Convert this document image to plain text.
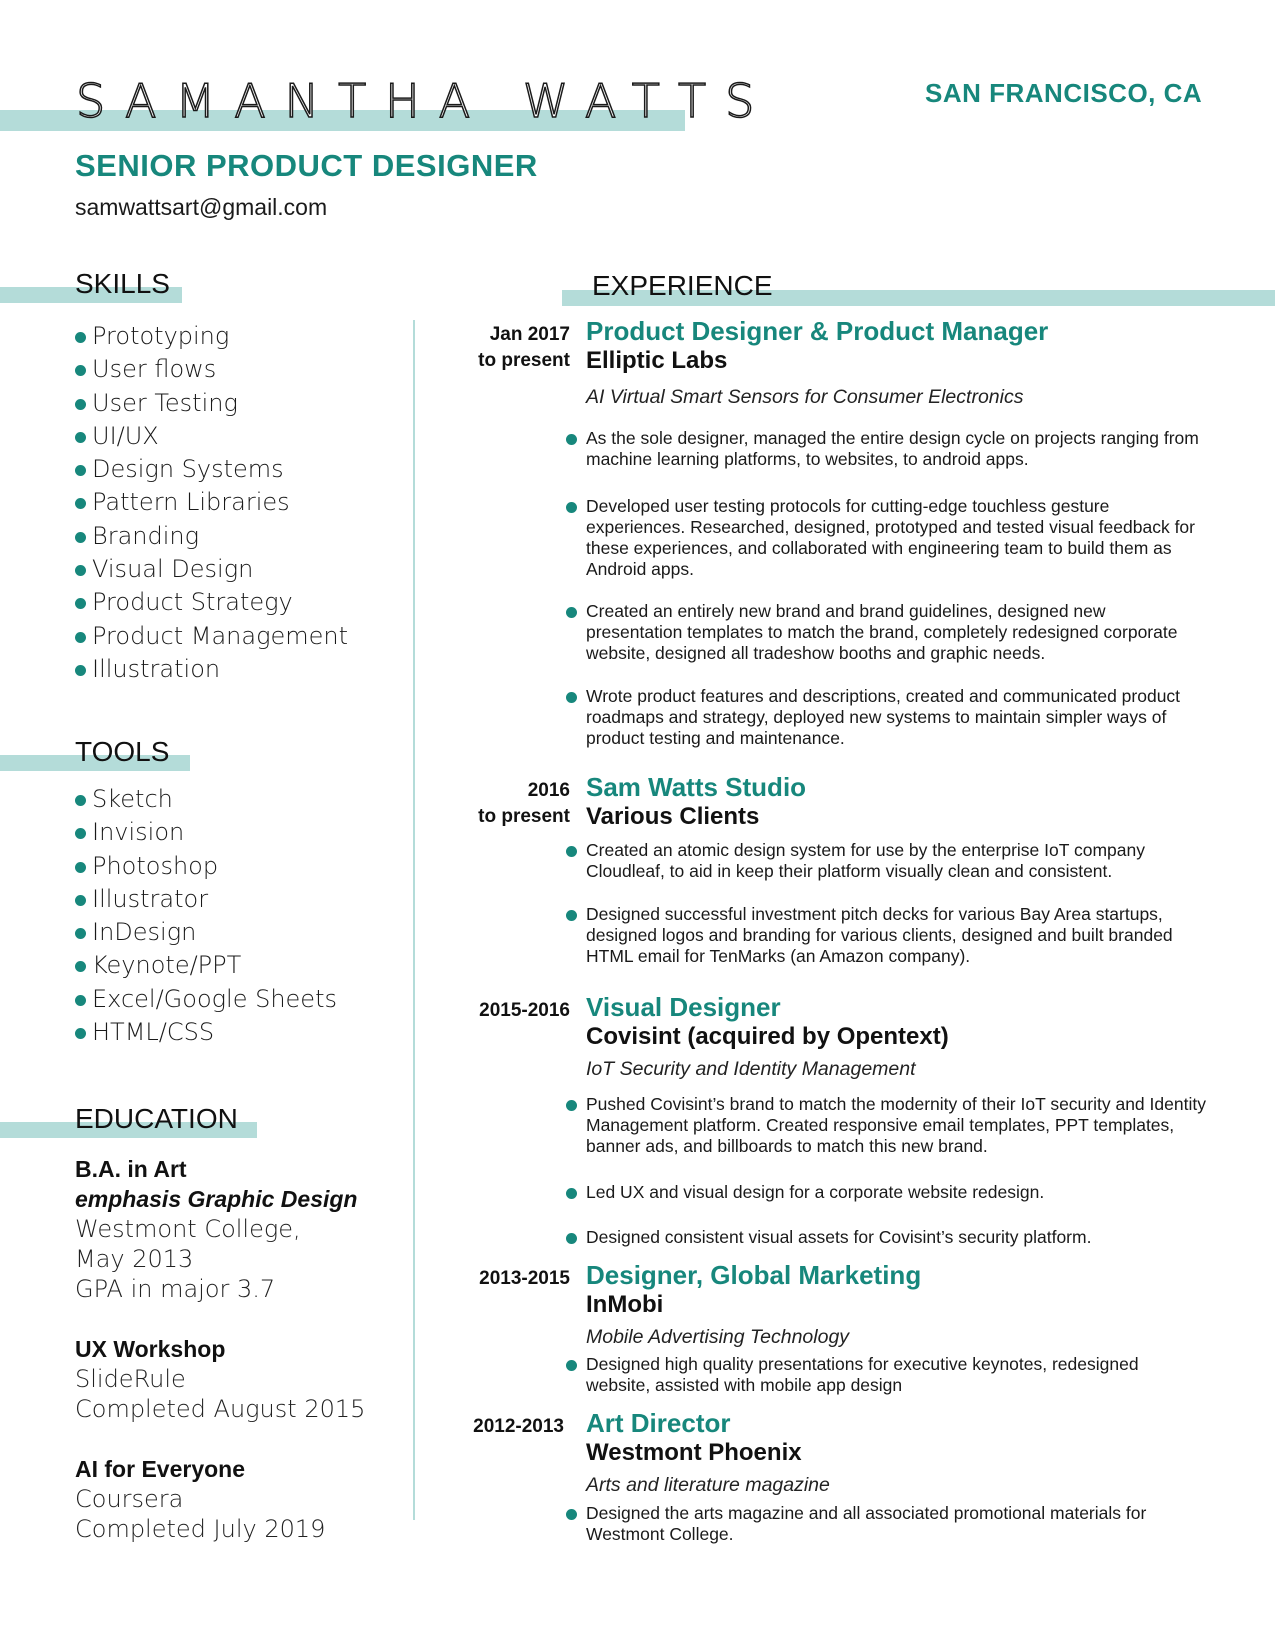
SAMANTHA WATTS	SAN FRANCISCO, CA
SENIOR PRODUCT DESIGNER
samwattsart@gmail.com
SKILLS
Prototyping
User flows
User Testing
UI/UX
Design Systems
Pattern Libraries
Branding
Visual Design
Product Strategy
Product Management
Illustration
TOOLS
Sketch
Invision
Photoshop
Illustrator
InDesign
Keynote/PPT
Excel/Google Sheets
HTML/CSS
EDUCATION
B.A. in Art
emphasis Graphic Design
Westmont College,
May 2013
GPA in major 3.7
UX Workshop
SlideRule
Completed August 2015
AI for Everyone
Coursera
Completed July 2019
EXPERIENCE
Jan 2017
to present
Product Designer & Product Manager
Elliptic Labs
AI Virtual Smart Sensors for Consumer Electronics
As the sole designer, managed the entire design cycle on projects ranging from machine learning platforms, to websites, to android apps.
Developed user testing protocols for cutting-edge touchless gesture experiences. Researched, designed, prototyped and tested visual feedback for these experiences, and collaborated with engineering team to build them as Android apps.
Created an entirely new brand and brand guidelines, designed new presentation templates to match the brand, completely redesigned corporate website, designed all tradeshow booths and graphic needs.
Wrote product features and descriptions, created and communicated product roadmaps and strategy, deployed new systems to maintain simpler ways of product testing and maintenance.
2016
to present
Sam Watts Studio
Various Clients
Created an atomic design system for use by the enterprise IoT company Cloudleaf, to aid in keep their platform visually clean and consistent.
Designed successful investment pitch decks for various Bay Area startups, designed logos and branding for various clients, designed and built branded HTML email for TenMarks (an Amazon company).
2015-2016 Visual Designer
Covisint (acquired by Opentext)
IoT Security and Identity Management
Pushed Covisint’s brand to match the modernity of their IoT security and Identity Management platform. Created responsive email templates, PPT templates, banner ads, and billboards to match this new brand.
Led UX and visual design for a corporate website redesign.
Designed consistent visual assets for Covisint’s security platform.
2013-2015 Designer, Global Marketing
InMobi
Mobile Advertising Technology
Designed high quality presentations for executive keynotes, redesigned website, assisted with mobile app design
2012-2013 Art Director
Westmont Phoenix
Arts and literature magazine
Designed the arts magazine and all associated promotional materials for Westmont College.
